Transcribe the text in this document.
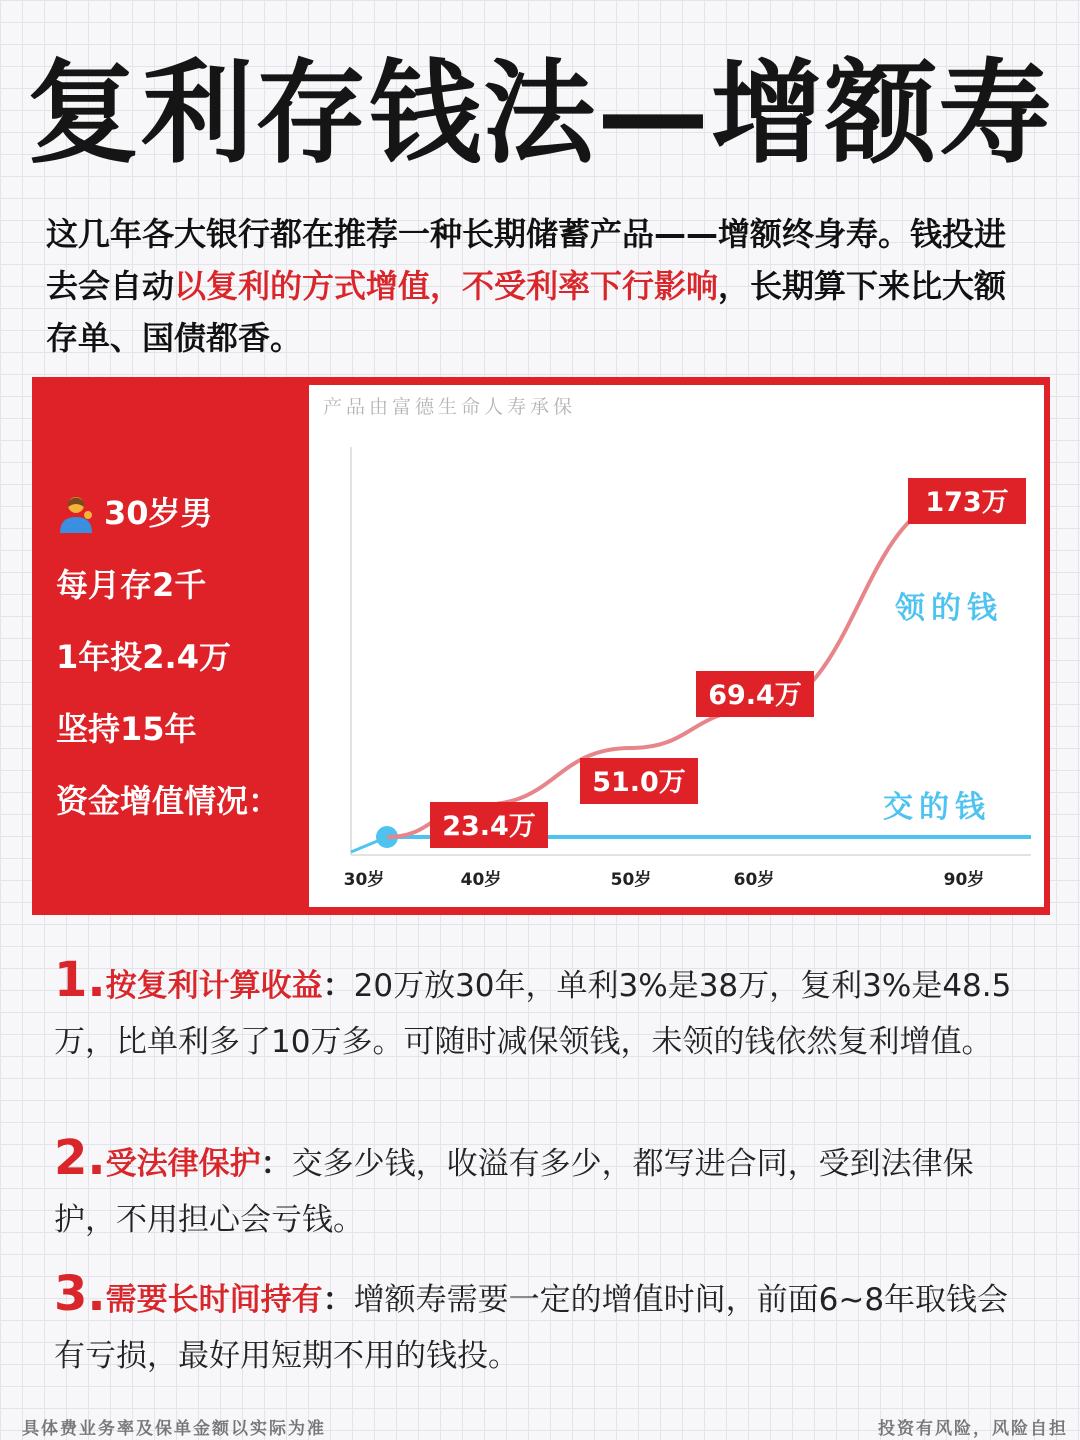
复利存钱法—增额寿
这几年各大银行都在推荐一种长期储蓄产品——增额终身寿。钱投进去会自动以复利的方式增值，不受利率下行影响，长期算下来比大额存单、国债都香。
30岁男
每月存2千
1年投2.4万
坚持15年
资金增值情况：
产品由富德生命人寿承保
30岁	40岁	50岁	60岁	90岁
23.4万
51.0万
69.4万
173万
领的钱
交的钱
1.按复利计算收益：20万放30年，单利3%是38万，复利3%是48.5万，比单利多了10万多。可随时减保领钱，未领的钱依然复利增值。
2.受法律保护：交多少钱，收溢有多少，都写进合同，受到法律保护，不用担心会亏钱。
3.需要长时间持有：增额寿需要一定的增值时间，前面6~8年取钱会有亏损，最好用短期不用的钱投。
具体费业务率及保单金额以实际为准	投资有风险，风险自担
